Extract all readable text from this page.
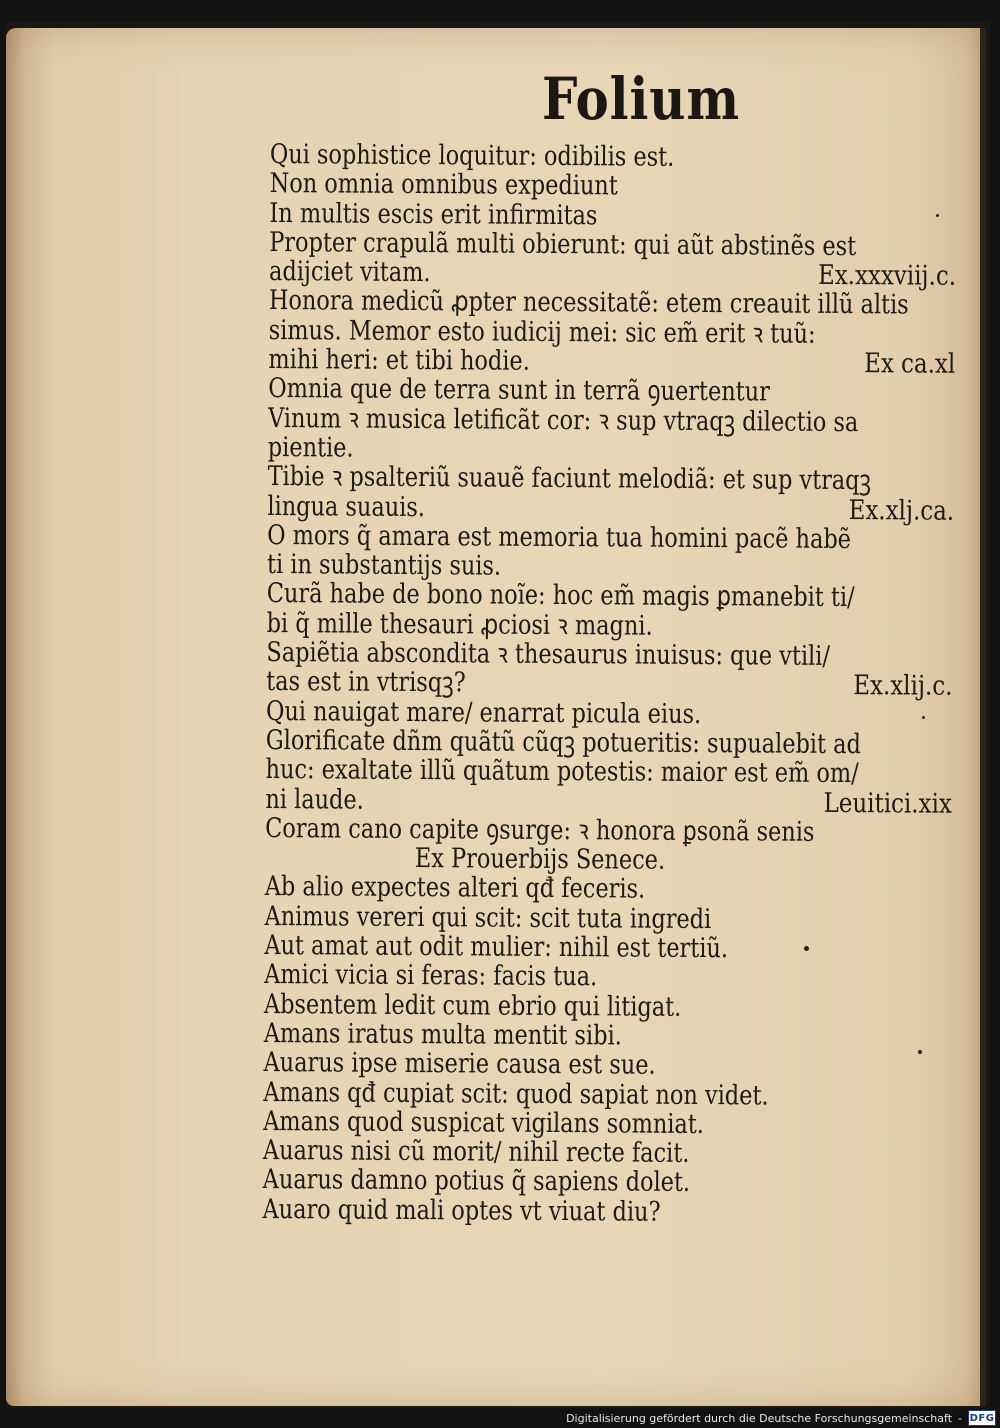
Folium
Qui sophistice loquitur: odibilis est.
Non omnia omnibus expediunt
In multis escis erit infirmitas
Propter crapulã multi obierunt: qui aũt abstinẽs est
adijciet vitam.	Ex.xxxviij.c.
Honora medicũ ꝓpter necessitatẽ: etem creauit illũ altis
simus. Memor esto iudicij mei: sic em̃ erit ꝛ tuũ:
mihi heri: et tibi hodie.	Ex ca.xl
Omnia que de terra sunt in terrã ꝯuertentur
Vinum ꝛ musica letificãt cor: ꝛ sup vtraqꝫ dilectio sa
pientie.
Tibie ꝛ psalteriũ suauẽ faciunt melodiã: et sup vtraqꝫ
lingua suauis.	Ex.xlj.ca.
O mors q̃ amara est memoria tua homini pacẽ habẽ
ti in substantijs suis.
Curã habe de bono noĩe: hoc em̃ magis ꝑmanebit ti/
bi q̃ mille thesauri ꝓciosi ꝛ magni.
Sapiẽtia abscondita ꝛ thesaurus inuisus: que vtili/
tas est in vtrisqꝫ?	Ex.xlij.c.
Qui nauigat mare/ enarrat picula eius.
Glorificate dñm quãtũ cũqꝫ potueritis: supualebit ad
huc: exaltate illũ quãtum potestis: maior est em̃ om/
ni laude.	Leuitici.xix
Coram cano capite ꝯsurge: ꝛ honora ꝑsonã senis
Ex Prouerbijs Senece.
Ab alio expectes alteri qđ feceris.
Animus vereri qui scit: scit tuta ingredi
Aut amat aut odit mulier: nihil est tertiũ.
Amici vicia si feras: facis tua.
Absentem ledit cum ebrio qui litigat.
Amans iratus multa mentit sibi.
Auarus ipse miserie causa est sue.
Amans qđ cupiat scit: quod sapiat non videt.
Amans quod suspicat vigilans somniat.
Auarus nisi cũ morit/ nihil recte facit.
Auarus damno potius q̃ sapiens dolet.
Auaro quid mali optes vt viuat diu?
Digitalisierung gefördert durch die Deutsche Forschungsgemeinschaft - DFG
